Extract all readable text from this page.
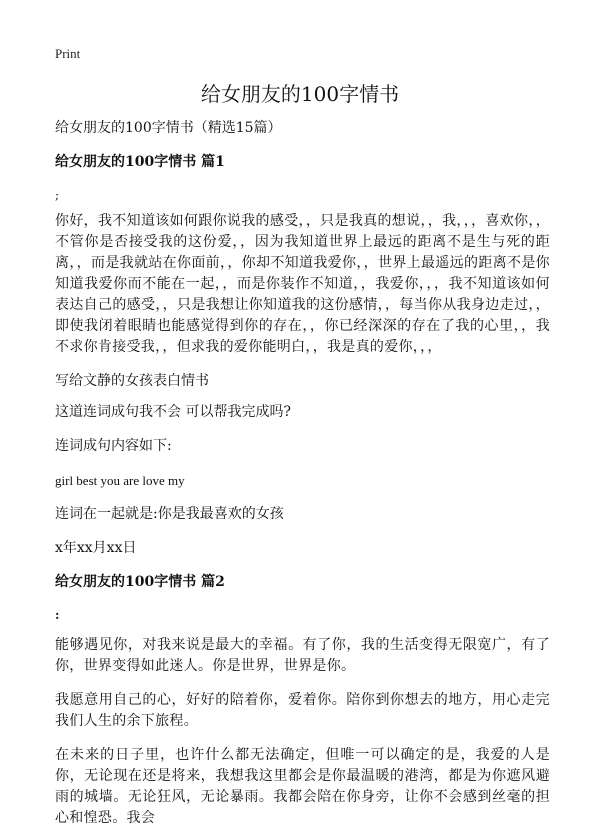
Print
给女朋友的100字情书

给女朋友的100字情书（精选15篇）

给女朋友的100字情书 篇1

;

你好，我不知道该如何跟你说我的感受，，只是我真的想说，，我，，，喜欢你，，不管你是否接受我的这份爱，，因为我知道世界上最远的距离不是生与死的距离，，而是我就站在你面前，，你却不知道我爱你，，世界上最遥远的距离不是你知道我爱你而不能在一起，，而是你装作不知道，，我爱你，，，我不知道该如何表达自己的感受，，只是我想让你知道我的这份感情，，每当你从我身边走过，，即使我闭着眼睛也能感觉得到你的存在，，你已经深深的存在了我的心里，，我不求你肯接受我，，但求我的爱你能明白，，我是真的爱你，，，

写给文静的女孩表白情书

这道连词成句我不会 可以帮我完成吗?

连词成句内容如下:

girl best you are love my

连词在一起就是:你是我最喜欢的女孩

x年xx月xx日

给女朋友的100字情书 篇2

:

能够遇见你，对我来说是最大的幸福。有了你，我的生活变得无限宽广，有了你，世界变得如此迷人。你是世界，世界是你。

我愿意用自己的心，好好的陪着你，爱着你。陪你到你想去的地方，用心走完我们人生的余下旅程。

在未来的日子里，也许什么都无法确定，但唯一可以确定的是，我爱的人是你，无论现在还是将来，我想我这里都会是你最温暖的港湾，都是为你遮风避雨的城墙。无论狂风，无论暴雨。我都会陪在你身旁，让你不会感到丝毫的担心和惶恐。我会
